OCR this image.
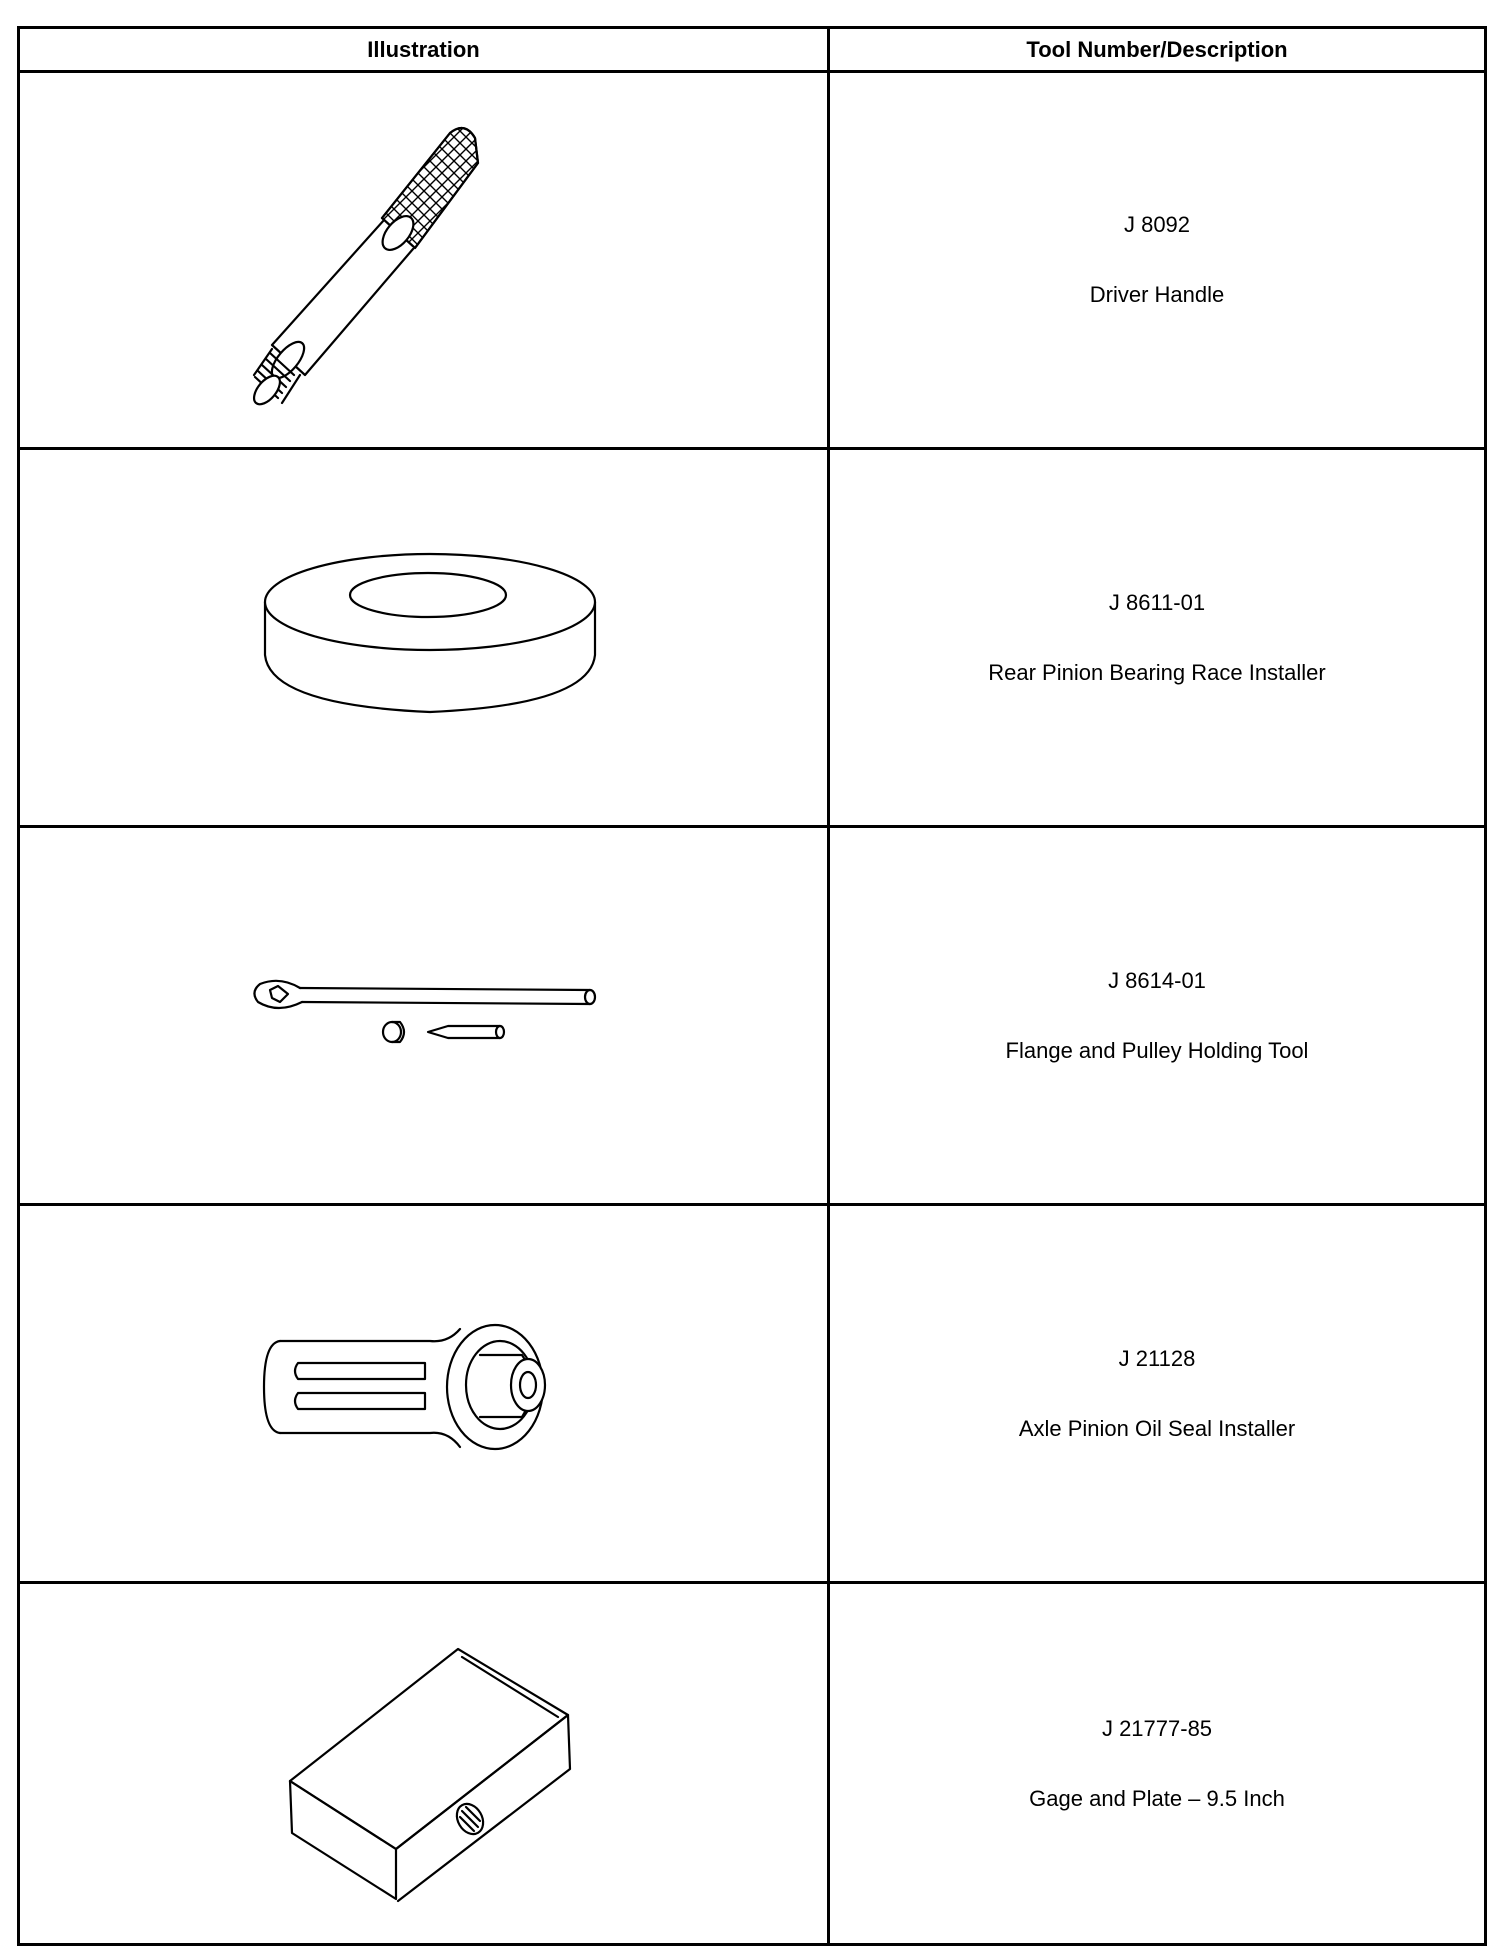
Illustration	Tool Number/Description
J 8092
Driver Handle
J 8611-01
Rear Pinion Bearing Race Installer
J 8614-01
Flange and Pulley Holding Tool
J 21128
Axle Pinion Oil Seal Installer
J 21777-85
Gage and Plate – 9.5 Inch
